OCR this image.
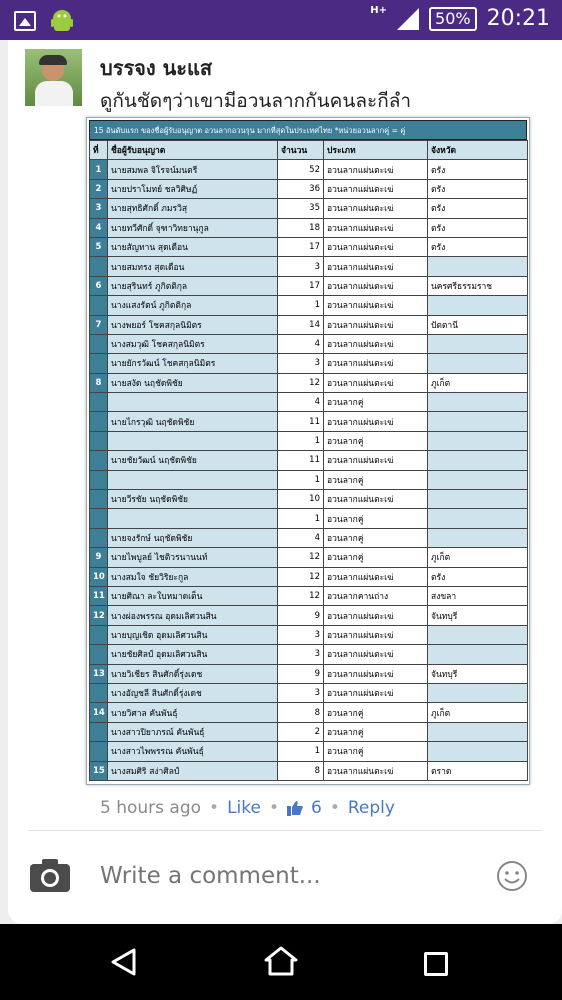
H+	50% 20:21
บรรจง นะแส
ดูกันชัดๆว่าเขามีอวนลากกันคนละกีลำ
15 อันดับแรก ของชื่อผู้รับอนุญาต อวนลากอวนรุน มากที่สุดในประเทศไทย *หน่วยอวนลากคู่ = คู่
ที่	ชื่อผู้รับอนุญาต	จำนวน	ประเภท	จังหวัด
1	นายสมพล จิโรจน์มนตรี	52	อวนลากแผ่นตะเฆ่	ตรัง
2	นายปราโมทย์ ชลวิศิษฏ์	36	อวนลากแผ่นตะเฆ่	ตรัง
3	นายสุทธิศักดิ์ ภมรวิสุ	35	อวนลากแผ่นตะเฆ่	ตรัง
4	นายทวีศักดิ์ จุฑาวิทยานุกูล	18	อวนลากแผ่นตะเฆ่	ตรัง
5	นายสัญทาน สุดเดือน	17	อวนลากแผ่นตะเฆ่	ตรัง
	นายสมทรง สุดเดือน	3	อวนลากแผ่นตะเฆ่	
6	นายสุรินทร์ ภูกิตติกุล	17	อวนลากแผ่นตะเฆ่	นครศรีธรรมราช
	นางแสงรัตน์ ภูกิตติกุล	1	อวนลากแผ่นตะเฆ่	
7	นางพยอร์ โชคสกุลนิมิตร	14	อวนลากแผ่นตะเฆ่	ปัตตานี
	นางสมวุฒิ โชคสกุลนิมิตร	4	อวนลากแผ่นตะเฆ่	
	นายยักรวัฒน์ โชคสกุลนิมิตร	3	อวนลากแผ่นตะเฆ่	
8	นายสงัด นฤชัดพิชัย	12	อวนลากแผ่นตะเฆ่	ภูเก็ต
		4	อวนลากคู่	
	นายไกรวุฒิ นฤชัดพิชัย	11	อวนลากแผ่นตะเฆ่	
		1	อวนลากคู่	
	นายชัยวัฒน์ นฤชัดพิชัย	11	อวนลากแผ่นตะเฆ่	
		1	อวนลากคู่	
	นายวีรชัย นฤชัดพิชัย	10	อวนลากแผ่นตะเฆ่	
		1	อวนลากคู่	
	นายจงรักษ์ นฤชัดพิชัย	4	อวนลากคู่	
9	นายไพบูลย์ ไชติวรนานนท์	12	อวนลากคู่	ภูเก็ต
10	นางสมใจ ชัยวิริยะกูล	12	อวนลากแผ่นตะเฆ่	ตรัง
11	นายศิณา ละใบหมาดเต็น	12	อวนลากคานถ่าง	สงขลา
12	นางผ่องพรรณ อุดมเลิศวนสิน	9	อวนลากแผ่นตะเฆ่	จันทบุรี
	นายบุญเชิด อุดมเลิศวนสิน	3	อวนลากแผ่นตะเฆ่	
	นายชัยศิลป์ อุดมเลิศวนสิน	3	อวนลากแผ่นตะเฆ่	
13	นายวิเชียร สินศักดิ์รุ่งเดช	9	อวนลากแผ่นตะเฆ่	จันทบุรี
	นางอัญชลี สินศักดิ์รุ่งเดช	3	อวนลากแผ่นตะเฆ่	
14	นายวิศาล คันพันธุ์	8	อวนลากคู่	ภูเก็ต
	นางสาวปิยาภรณ์ คันพันธุ์	2	อวนลากคู่	
	นางสาวไพพรรณ คันพันธุ์	1	อวนลากคู่	
15	นางสมศิริ สง่าศิลป์	8	อวนลากแผ่นตะเฆ่	ตราด
5 hours ago • Like • 6 • Reply
Write a comment...
